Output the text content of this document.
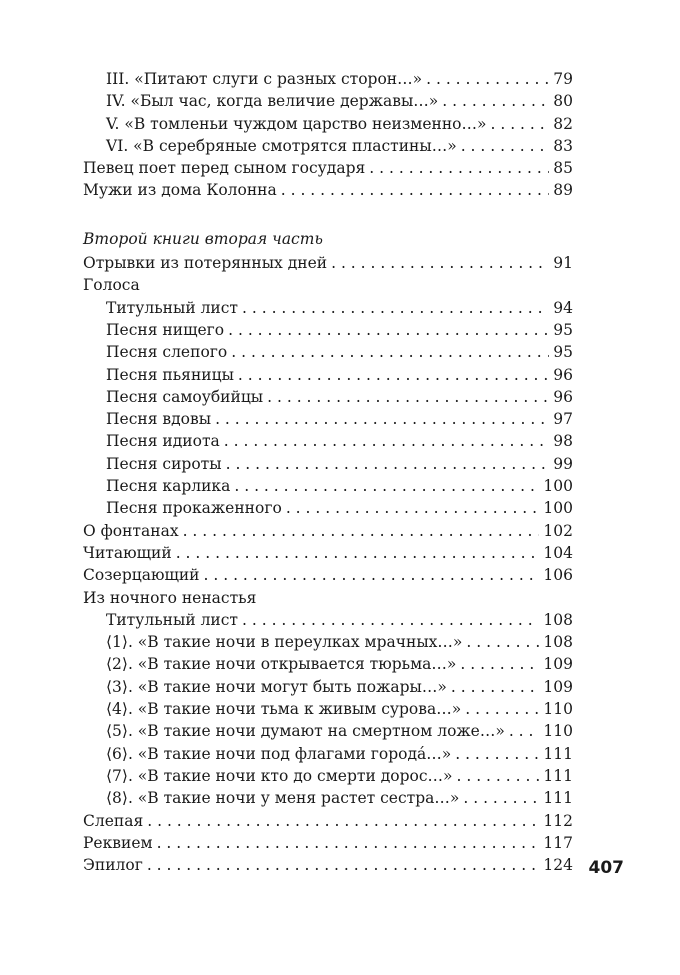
III. «Питают слуги с разных сторон…» . . .	79
IV. «Был час, когда величие державы…» . . .	80
V. «В томленьи чуждом царство неизменно…» . . .	82
VI. «В серебряные смотрятся пластины…» . . .	83
Певец поет перед сыном государя . . .	85
Мужи из дома Колонна . . .	89
Второй книги вторая часть
Отрывки из потерянных дней . . .	91
Голоса
Титульный лист . . .	94
Песня нищего . . .	95
Песня слепого . . .	95
Песня пьяницы . . .	96
Песня самоубийцы . . .	96
Песня вдовы . . .	97
Песня идиота . . .	98
Песня сироты . . .	99
Песня карлика . . .	100
Песня прокаженного . . .	100
О фонтанах . . .	102
Читающий . . .	104
Созерцающий . . .	106
Из ночного ненастья
Титульный лист . . .	108
⟨1⟩. «В такие ночи в переулках мрачных…» . . .	108
⟨2⟩. «В такие ночи открывается тюрьма…» . . .	109
⟨3⟩. «В такие ночи могут быть пожары…» . . .	109
⟨4⟩. «В такие ночи тьма к живым сурова…» . . .	110
⟨5⟩. «В такие ночи думают на смертном ложе…» . . . 110
⟨6⟩. «В такие ночи под флагами города́…» . . .	111
⟨7⟩. «В такие ночи кто до смерти дорос…» . . .	111
⟨8⟩. «В такие ночи у меня растет сестра…» . . .	111
Слепая . . .	112
Реквием . . .	117
Эпилог . . .	124 407
